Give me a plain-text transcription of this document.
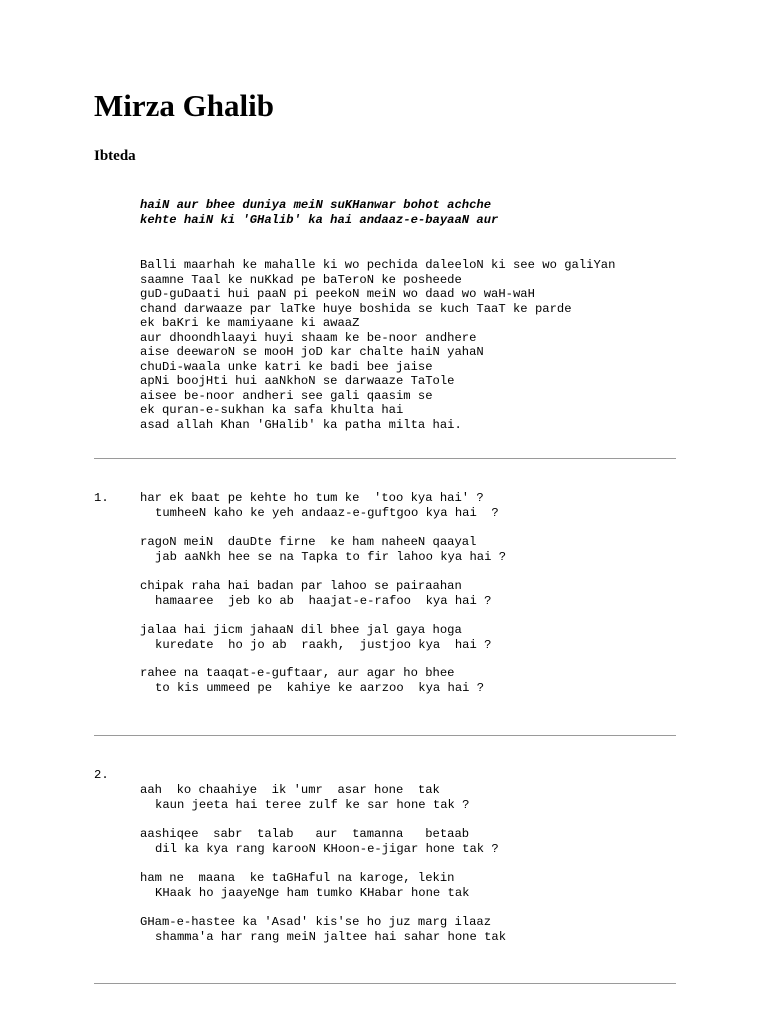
Mirza Ghalib
Ibteda
haiN aur bhee duniya meiN suKHanwar bohot achche
kehte haiN ki 'GHalib' ka hai andaaz-e-bayaaN aur
Balli maarhah ke mahalle ki wo pechida daleeloN ki see wo galiYan
saamne Taal ke nuKkad pe baTeroN ke posheede
guD-guDaati hui paaN pi peekoN meiN wo daad wo waH-waH
chand darwaaze par laTke huye boshida se kuch TaaT ke parde
ek baKri ke mamiyaane ki awaaZ
aur dhoondhlaayi huyi shaam ke be-noor andhere
aise deewaroN se mooH joD kar chalte haiN yahaN
chuDi-waala unke katri ke badi bee jaise
apNi boojHti hui aaNkhoN se darwaaze TaTole
aisee be-noor andheri see gali qaasim se
ek quran-e-sukhan ka safa khulta hai
asad allah Khan 'GHalib' ka patha milta hai.
1.	har ek baat pe kehte ho tum ke  'too kya hai' ?
tumheeN kaho ke yeh andaaz-e-guftgoo kya hai  ?
ragoN meiN  dauDte firne  ke ham naheeN qaayal
jab aaNkh hee se na Tapka to fir lahoo kya hai ?
chipak raha hai badan par lahoo se pairaahan
hamaaree  jeb ko ab  haajat-e-rafoo  kya hai ?
jalaa hai jicm jahaaN dil bhee jal gaya hoga
kuredate  ho jo ab  raakh,  justjoo kya  hai ?
rahee na taaqat-e-guftaar, aur agar ho bhee
to kis ummeed pe  kahiye ke aarzoo  kya hai ?
2.
aah  ko chaahiye  ik 'umr  asar hone  tak
kaun jeeta hai teree zulf ke sar hone tak ?
aashiqee  sabr  talab   aur  tamanna   betaab
dil ka kya rang karooN KHoon-e-jigar hone tak ?
ham ne  maana  ke taGHaful na karoge, lekin
KHaak ho jaayeNge ham tumko KHabar hone tak
GHam-e-hastee ka 'Asad' kis'se ho juz marg ilaaz
shamma'a har rang meiN jaltee hai sahar hone tak
